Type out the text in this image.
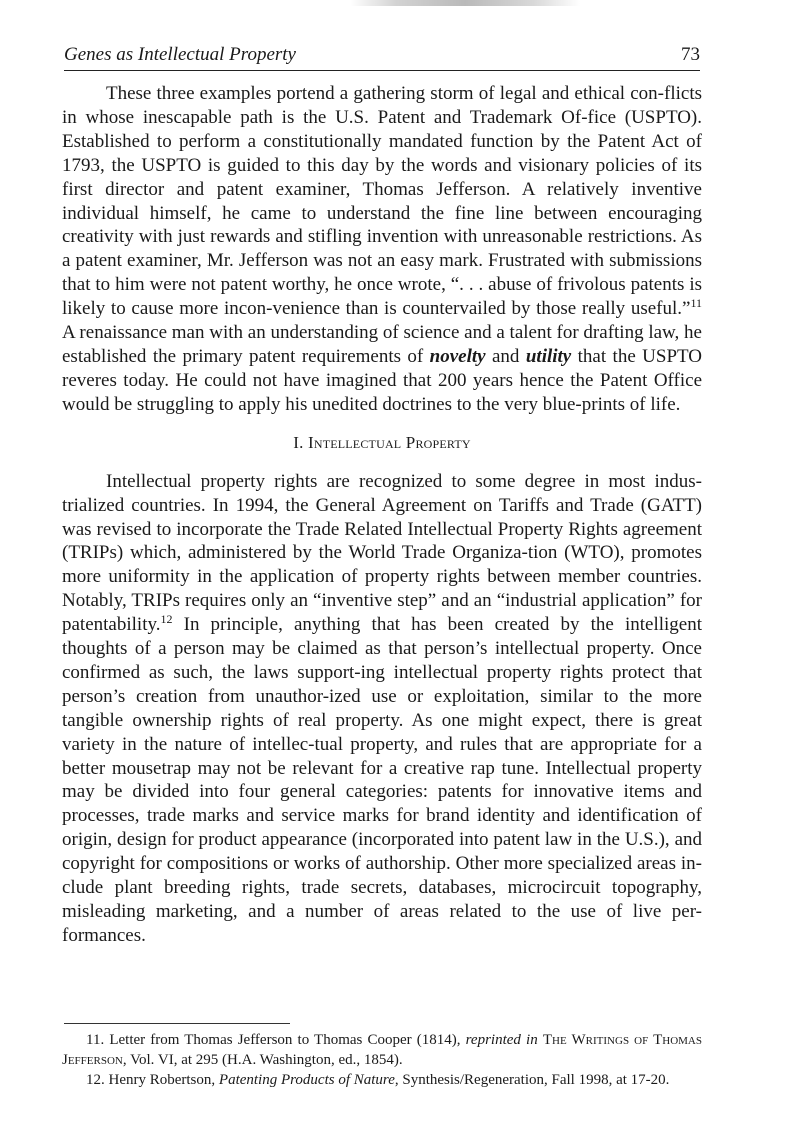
Genes as Intellectual Property	73

These three examples portend a gathering storm of legal and ethical con-flicts in whose inescapable path is the U.S. Patent and Trademark Of-fice (USPTO). Established to perform a constitutionally mandated function by the Patent Act of 1793, the USPTO is guided to this day by the words and visionary policies of its first director and patent examiner, Thomas Jefferson. A relatively inventive individual himself, he came to understand the fine line between encouraging creativity with just rewards and stifling invention with unreasonable restrictions. As a patent examiner, Mr. Jefferson was not an easy mark. Frustrated with submissions that to him were not patent worthy, he once wrote, “. . . abuse of frivolous patents is likely to cause more incon-venience than is countervailed by those really useful.”$^{11}$ A renaissance man with an understanding of science and a talent for drafting law, he established the primary patent requirements of novelty and utility that the USPTO reveres today. He could not have imagined that 200 years hence the Patent Office would be struggling to apply his unedited doctrines to the very blue-prints of life.

I. Intellectual Property

Intellectual property rights are recognized to some degree in most indus-trialized countries. In 1994, the General Agreement on Tariffs and Trade (GATT) was revised to incorporate the Trade Related Intellectual Property Rights agreement (TRIPs) which, administered by the World Trade Organiza-tion (WTO), promotes more uniformity in the application of property rights between member countries. Notably, TRIPs requires only an “inventive step” and an “industrial application” for patentability.$^{12}$ In principle, anything that has been created by the intelligent thoughts of a person may be claimed as that person’s intellectual property. Once confirmed as such, the laws support-ing intellectual property rights protect that person’s creation from unauthor-ized use or exploitation, similar to the more tangible ownership rights of real property. As one might expect, there is great variety in the nature of intellec-tual property, and rules that are appropriate for a better mousetrap may not be relevant for a creative rap tune. Intellectual property may be divided into four general categories: patents for innovative items and processes, trade marks and service marks for brand identity and identification of origin, design for product appearance (incorporated into patent law in the U.S.), and copyright for compositions or works of authorship. Other more specialized areas in-clude plant breeding rights, trade secrets, databases, microcircuit topography, misleading marketing, and a number of areas related to the use of live per-formances.

11. Letter from Thomas Jefferson to Thomas Cooper (1814), reprinted in The Writings of Thomas Jefferson, Vol. VI, at 295 (H.A. Washington, ed., 1854).

12. Henry Robertson, Patenting Products of Nature, Synthesis/Regeneration, Fall 1998, at 17-20.
